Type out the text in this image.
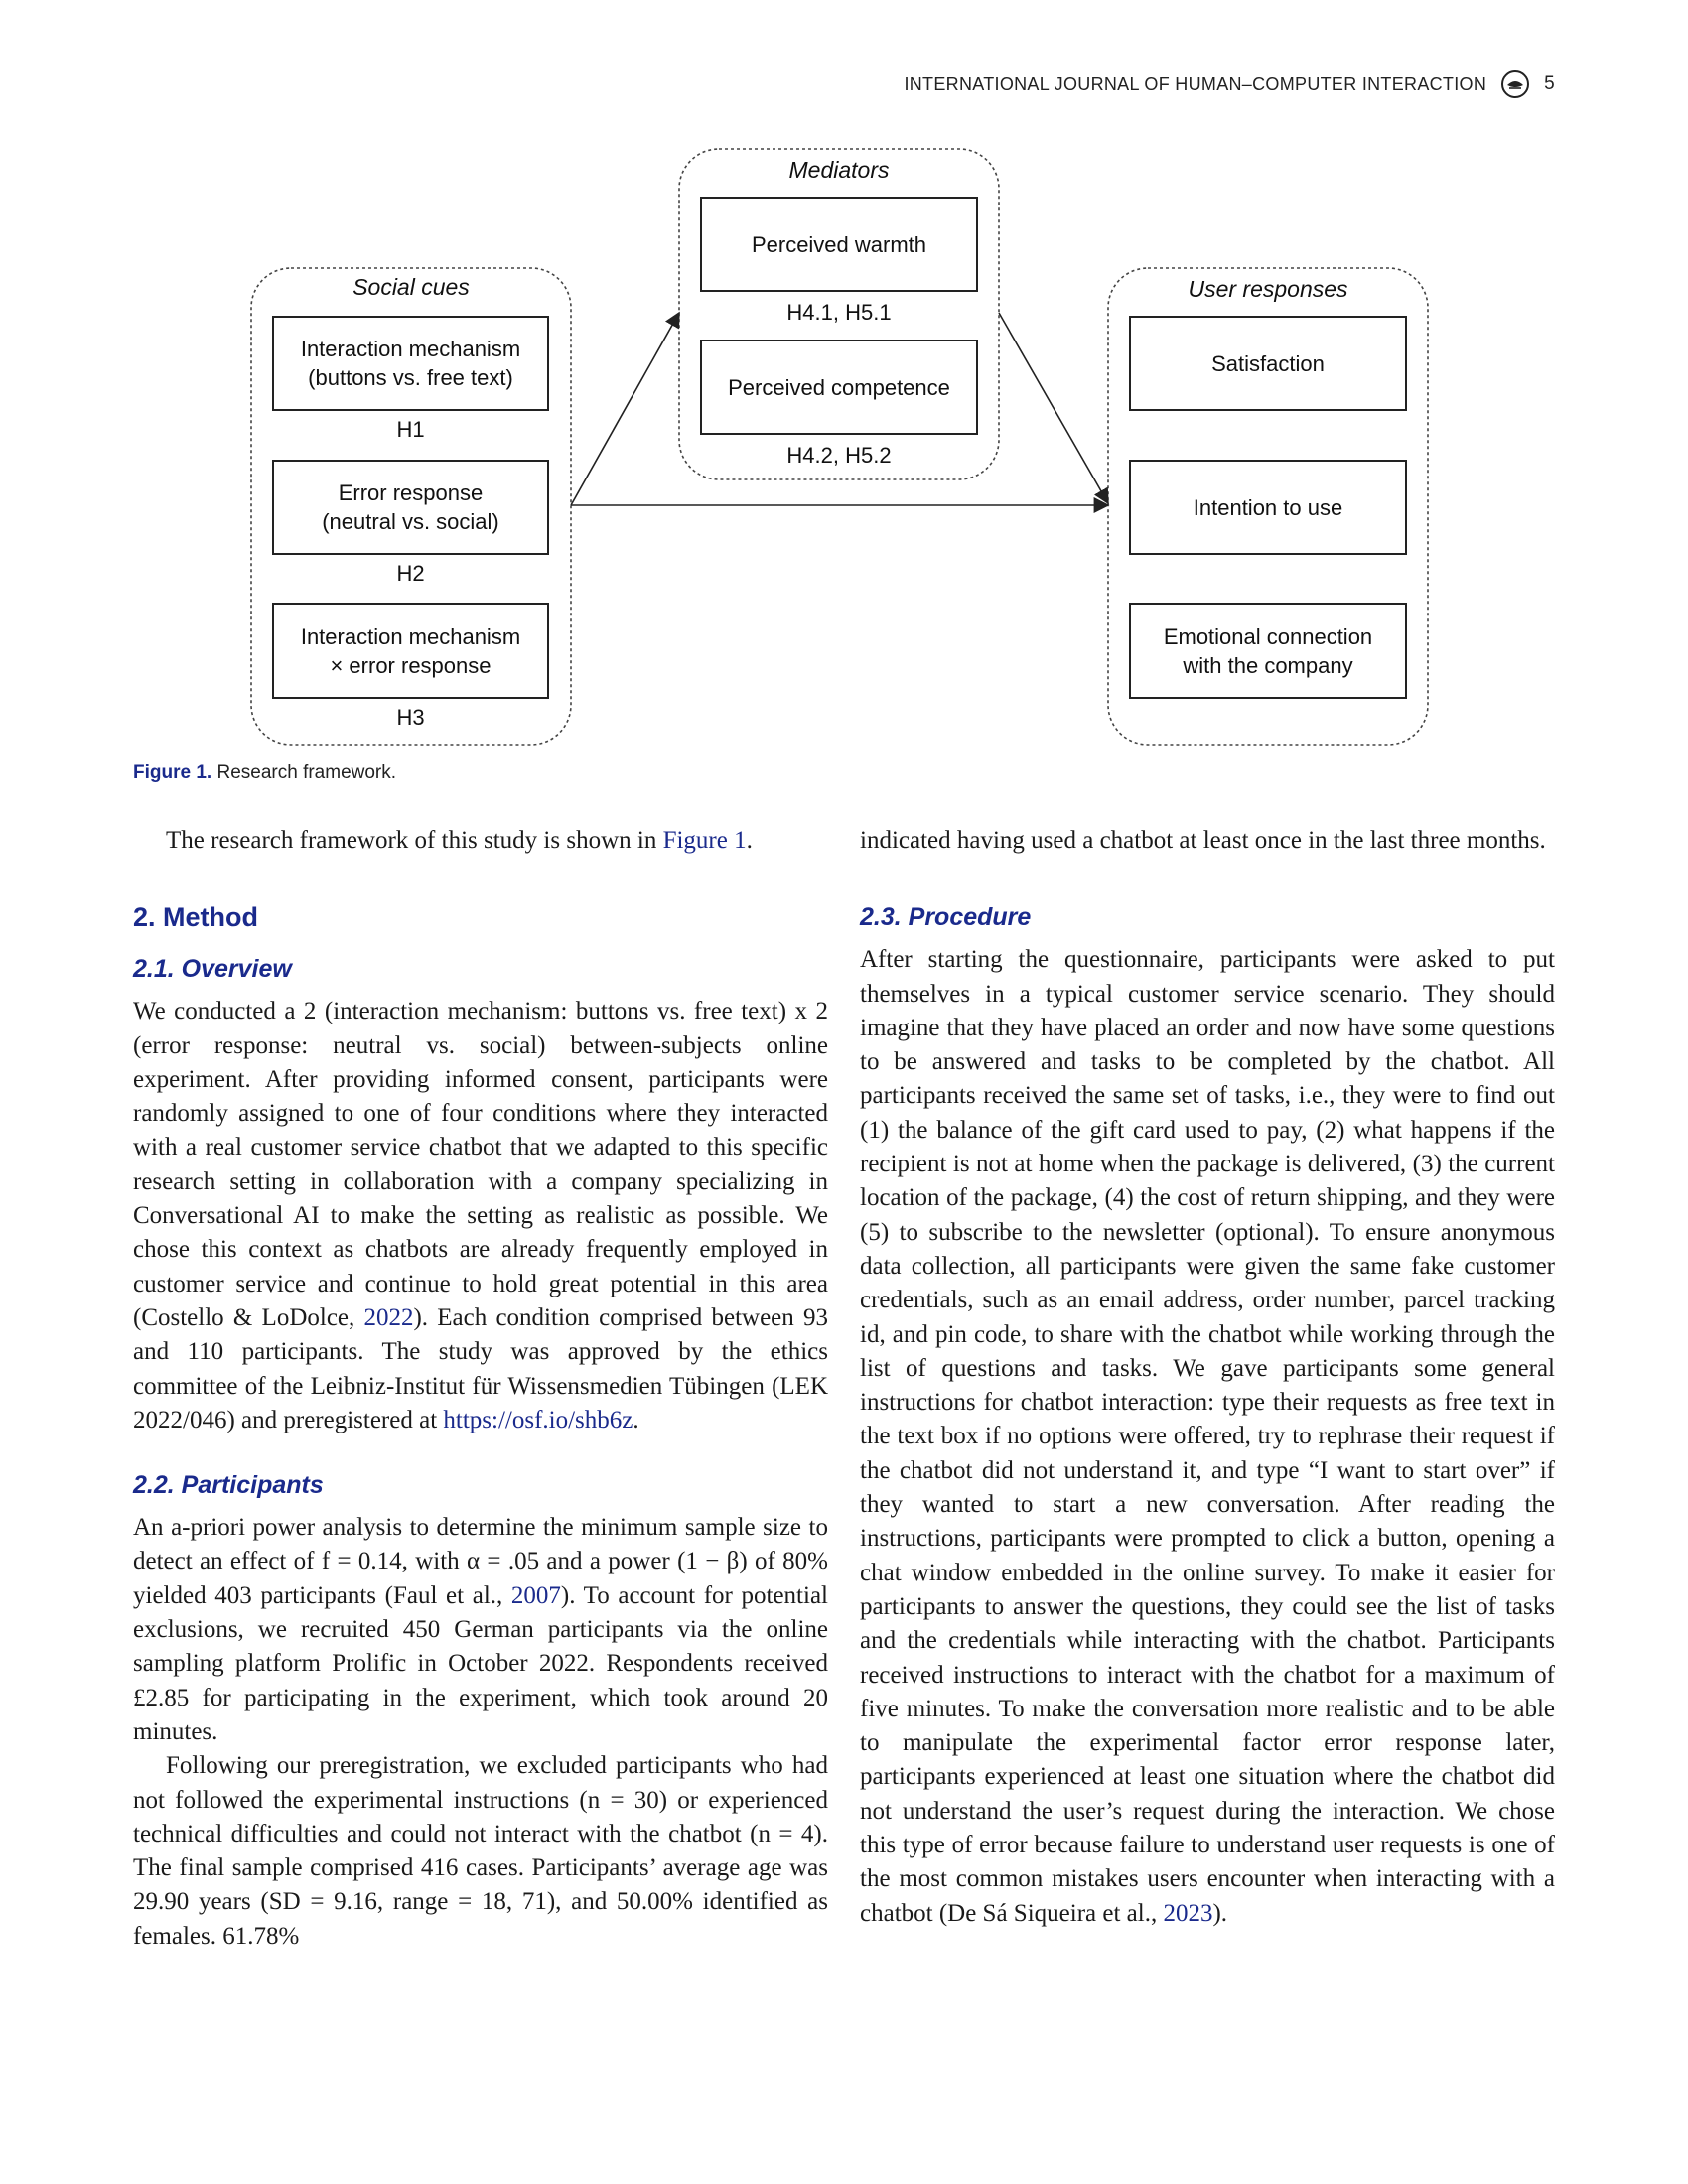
INTERNATIONAL JOURNAL OF HUMAN–COMPUTER INTERACTION	5
Social cues
Interaction mechanism
(buttons vs. free text)
H1
Error response
(neutral vs. social)
H2
Interaction mechanism
× error response
H3
Mediators
Perceived warmth
H4.1, H5.1
Perceived competence
H4.2, H5.2
User responses
Satisfaction
Intention to use
Emotional connection
with the company
Figure 1. Research framework.

The research framework of this study is shown in Figure 1.

2. Method
2.1. Overview

We conducted a 2 (interaction mechanism: buttons vs. free text) x 2 (error response: neutral vs. social) between-subjects online experiment. After providing informed consent, participants were randomly assigned to one of four conditions where they interacted with a real customer service chatbot that we adapted to this specific research setting in collaboration with a company specializing in Conversational AI to make the setting as realistic as possible. We chose this context as chatbots are already frequently employed in customer service and continue to hold great potential in this area (Costello & LoDolce, 2022). Each condition comprised between 93 and 110 participants. The study was approved by the ethics committee of the Leibniz-Institut für Wissensmedien Tübingen (LEK 2022/046) and preregistered at https://osf.io/shb6z.

2.2. Participants

An a-priori power analysis to determine the minimum sample size to detect an effect of f = 0.14, with α = .05 and a power (1 − β) of 80% yielded 403 participants (Faul et al., 2007). To account for potential exclusions, we recruited 450 German participants via the online sampling platform Prolific in October 2022. Respondents received £2.85 for participating in the experiment, which took around 20 minutes.

Following our preregistration, we excluded participants who had not followed the experimental instructions (n = 30) or experienced technical difficulties and could not interact with the chatbot (n = 4). The final sample comprised 416 cases. Participants’ average age was 29.90 years (SD = 9.16, range = 18, 71), and 50.00% identified as females. 61.78%

indicated having used a chatbot at least once in the last three months.

2.3. Procedure

After starting the questionnaire, participants were asked to put themselves in a typical customer service scenario. They should imagine that they have placed an order and now have some questions to be answered and tasks to be completed by the chatbot. All participants received the same set of tasks, i.e., they were to find out (1) the balance of the gift card used to pay, (2) what happens if the recipient is not at home when the package is delivered, (3) the current location of the package, (4) the cost of return shipping, and they were (5) to subscribe to the newsletter (optional). To ensure anonymous data collection, all participants were given the same fake customer credentials, such as an email address, order number, parcel tracking id, and pin code, to share with the chatbot while working through the list of questions and tasks. We gave participants some general instructions for chatbot interaction: type their requests as free text in the text box if no options were offered, try to rephrase their request if the chatbot did not understand it, and type “I want to start over” if they wanted to start a new conversation. After reading the instructions, participants were prompted to click a button, opening a chat window embedded in the online survey. To make it easier for participants to answer the questions, they could see the list of tasks and the credentials while interacting with the chatbot. Participants received instructions to interact with the chatbot for a maximum of five minutes. To make the conversation more realistic and to be able to manipulate the experimental factor error response later, participants experienced at least one situation where the chatbot did not understand the user’s request during the interaction. We chose this type of error because failure to understand user requests is one of the most common mistakes users encounter when interacting with a chatbot (De Sá Siqueira et al., 2023).
